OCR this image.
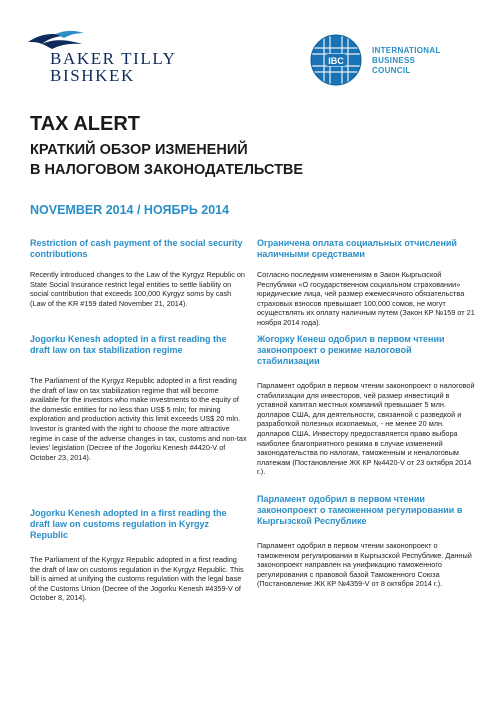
BAKER TILLY
BISHKEK
IBC
INTERNATIONAL
BUSINESS
COUNCIL
TAX ALERT
КРАТКИЙ ОБЗОР ИЗМЕНЕНИЙ
В НАЛОГОВОМ ЗАКОНОДАТЕЛЬСТВЕ
NOVEMBER 2014 / НОЯБРЬ 2014

Restriction of cash payment of the social security contributions

Recently introduced changes to the Law of the Kyrgyz Republic on State Social Insurance restrict legal entities to settle liability on social contribution that exceeds 100,000 Kyrgyz soms by cash (Law of the KR #159 dated November 21, 2014).

Jogorku Kenesh adopted in a first reading the draft law on tax stabilization regime

The Parliament of the Kyrgyz Republic adopted in a first reading the draft of law on tax stabilization regime that will become available for the investors who make investments to the equity of the domestic entities for no less than US$ 5 mln; for mining exploration and production activity this limit exceeds US$ 20 mln. Investor is granted with the right to choose the more attractive regime in case of the adverse changes in tax, customs and non-tax levies' legislation (Decree of the Jogorku Kenesh #4420-V of October 23, 2014).

Jogorku Kenesh adopted in a first reading the draft law on customs regulation in Kyrgyz Republic

The Parliament of the Kyrgyz Republic adopted in a first reading the draft of law on customs regulation in the Kyrgyz Republic. This bill is aimed at unifying the customs regulation with the legal base of the Customs Union (Decree of the Jogorku Kenesh #4359-V of October 8, 2014).

Ограничена оплата социальных отчислений наличными средствами

Согласно последним изменениям в Закон Кыргызской Республики «О государственном социальном страховании» юридические лица, чей размер ежемесячного обязательства страховых взносов превышает 100,000 сомов, не могут осуществлять их оплату наличным путем (Закон КР №159 от 21 ноября 2014 года).

Жогорку Кенеш одобрил в первом чтении законопроект о режиме налоговой стабилизации

Парламент одобрил в первом чтении законопроект о налоговой стабилизации для инвесторов, чей размер инвестиций в уставной капитал местных компаний превышает 5 млн. долларов США, для деятельности, связанной с разведкой и разработкой полезных ископаемых, - не менее 20 млн. долларов США. Инвестору предоставляется право выбора наиболее благоприятного режима в случае изменений законодательства по налогам, таможенным и неналоговым платежам (Постановление ЖК КР №4420-V от 23 октября 2014 г.).

Парламент одобрил в первом чтении законопроект о таможенном регулировании в Кыргызской Республике

Парламент одобрил в первом чтении законопроект о таможенном регулировании в Кыргызской Республике. Данный законопроект направлен на унификацию таможенного регулирования с правовой базой Таможенного Союза (Постановление ЖК КР №4359-V от 8 октября 2014 г.).
